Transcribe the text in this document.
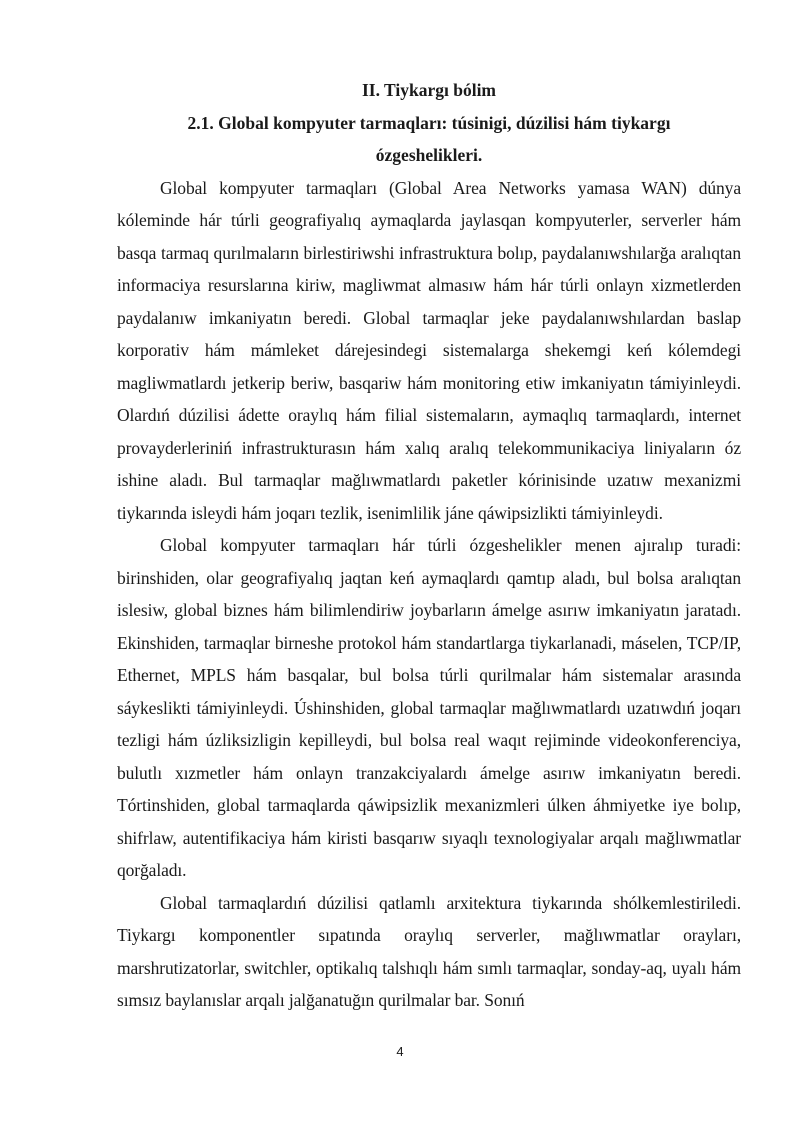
II. Tiykargı bólim
2.1. Global kompyuter tarmaqları: túsinigi, dúzilisi hám tiykargı ózgeshelikleri.

Global kompyuter tarmaqları (Global Area Networks yamasa WAN) dúnya kóleminde hár túrli geografiyalıq aymaqlarda jaylasqan kompyuterler, serverler hám basqa tarmaq qurılmaların birlestiriwshi infrastruktura bolıp, paydalanıwshılarğa aralıqtan informaciya resurslarına kiriw, magliwmat almasıw hám hár túrli onlayn xizmetlerden paydalanıw imkaniyatın beredi. Global tarmaqlar jeke paydalanıwshılardan baslap korporativ hám mámleket dárejesindegi sistemalarga shekemgi keń kólemdegi magliwmatlardı jetkerip beriw, basqariw hám monitoring etiw imkaniyatın támiyinleydi. Olardıń dúzilisi ádette oraylıq hám filial sistemaların, aymaqlıq tarmaqlardı, internet provayderleriniń infrastrukturasın hám xalıq aralıq telekommunikaciya liniyaların óz ishine aladı. Bul tarmaqlar mağlıwmatlardı paketler kórinisinde uzatıw mexanizmi tiykarında isleydi hám joqarı tezlik, isenimlilik jáne qáwipsizlikti támiyinleydi.

Global kompyuter tarmaqları hár túrli ózgeshelikler menen ajıralıp turadi: birinshiden, olar geografiyalıq jaqtan keń aymaqlardı qamtıp aladı, bul bolsa aralıqtan islesiw, global biznes hám bilimlendiriw joybarların ámelge asırıw imkaniyatın jaratadı. Ekinshiden, tarmaqlar birneshe protokol hám standartlarga tiykarlanadi, máselen, TCP/IP, Ethernet, MPLS hám basqalar, bul bolsa túrli qurilmalar hám sistemalar arasında sáykeslikti támiyinleydi. Úshinshiden, global tarmaqlar mağlıwmatlardı uzatıwdıń joqarı tezligi hám úzliksizligin kepilleydi, bul bolsa real waqıt rejiminde videokonferenciya, bulutlı xızmetler hám onlayn tranzakciyalardı ámelge asırıw imkaniyatın beredi. Tórtinshiden, global tarmaqlarda qáwipsizlik mexanizmleri úlken áhmiyetke iye bolıp, shifrlaw, autentifikaciya hám kiristi basqarıw sıyaqlı texnologiyalar arqalı mağlıwmatlar qorğaladı.

Global tarmaqlardıń dúzilisi qatlamlı arxitektura tiykarında shólkemlestiriledi. Tiykargı komponentler sıpatında oraylıq serverler, mağlıwmatlar orayları, marshrutizatorlar, switchler, optikalıq talshıqlı hám sımlı tarmaqlar, sonday-aq, uyalı hám sımsız baylanıslar arqalı jalğanatuğın qurilmalar bar. Sonıń

4
